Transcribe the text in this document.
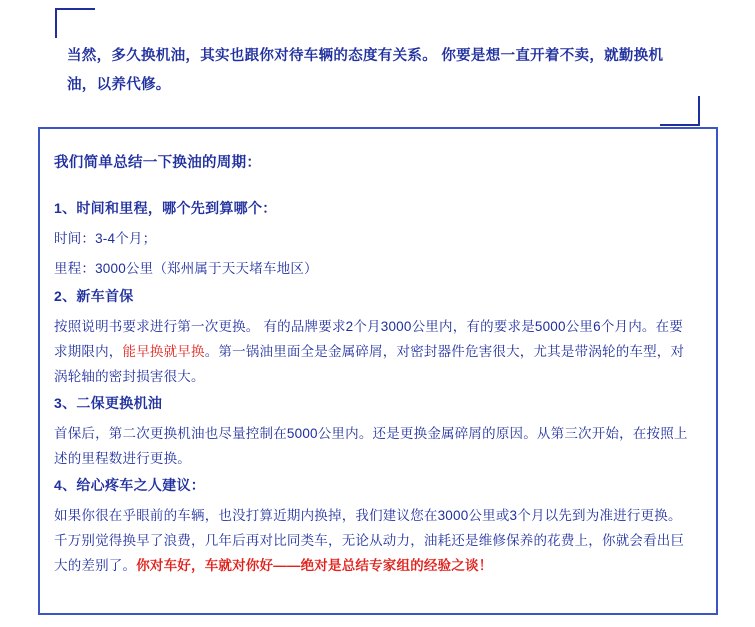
当然，多久换机油，其实也跟你对待车辆的态度有关系。 你要是想一直开着不卖，就勤换机油，以养代修。
我们简单总结一下换油的周期：
1、时间和里程，哪个先到算哪个：

时间：3-4个月；

里程：3000公里（郑州属于天天堵车地区）

2、新车首保

按照说明书要求进行第一次更换。 有的品牌要求2个月3000公里内，有的要求是5000公里6个月内。在要求期限内，能早换就早换。第一锅油里面全是金属碎屑，对密封器件危害很大，尤其是带涡轮的车型，对涡轮轴的密封损害很大。

3、二保更换机油

首保后，第二次更换机油也尽量控制在5000公里内。还是更换金属碎屑的原因。从第三次开始，在按照上述的里程数进行更换。

4、给心疼车之人建议：

如果你很在乎眼前的车辆，也没打算近期内换掉，我们建议您在3000公里或3个月以先到为准进行更换。 千万别觉得换早了浪费，几年后再对比同类车，无论从动力，油耗还是维修保养的花费上，你就会看出巨大的差别了。你对车好，车就对你好——绝对是总结专家组的经验之谈！
